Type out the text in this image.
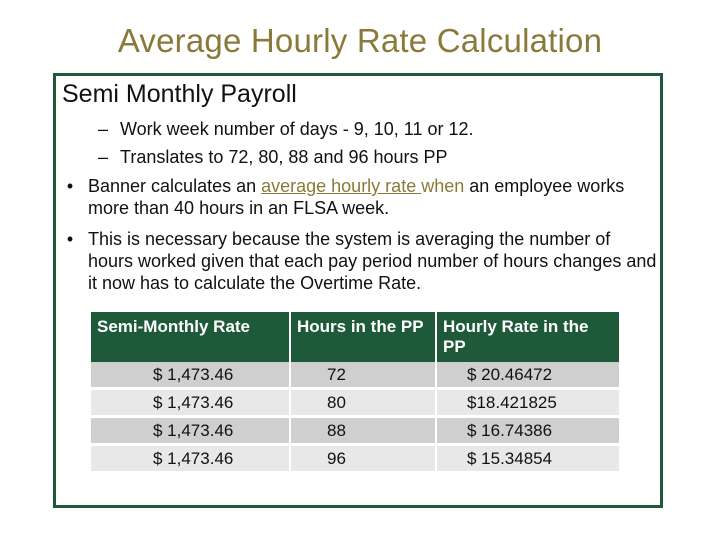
Average Hourly Rate Calculation
Semi Monthly Payroll
– Work week number of days - 9, 10, 11 or 12.
– Translates to 72, 80, 88 and 96 hours PP
• Banner calculates an average hourly rate when an employee works more than 40 hours in an FLSA week.
• This is necessary because the system is averaging the number of hours worked given that each pay period number of hours changes and it now has to calculate the Overtime Rate.
Semi-Monthly Rate	Hours in the PP	Hourly Rate in the PP
$ 1,473.46	72	$ 20.46472
$ 1,473.46	80	$18.421825
$ 1,473.46	88	$ 16.74386
$ 1,473.46	96	$ 15.34854
